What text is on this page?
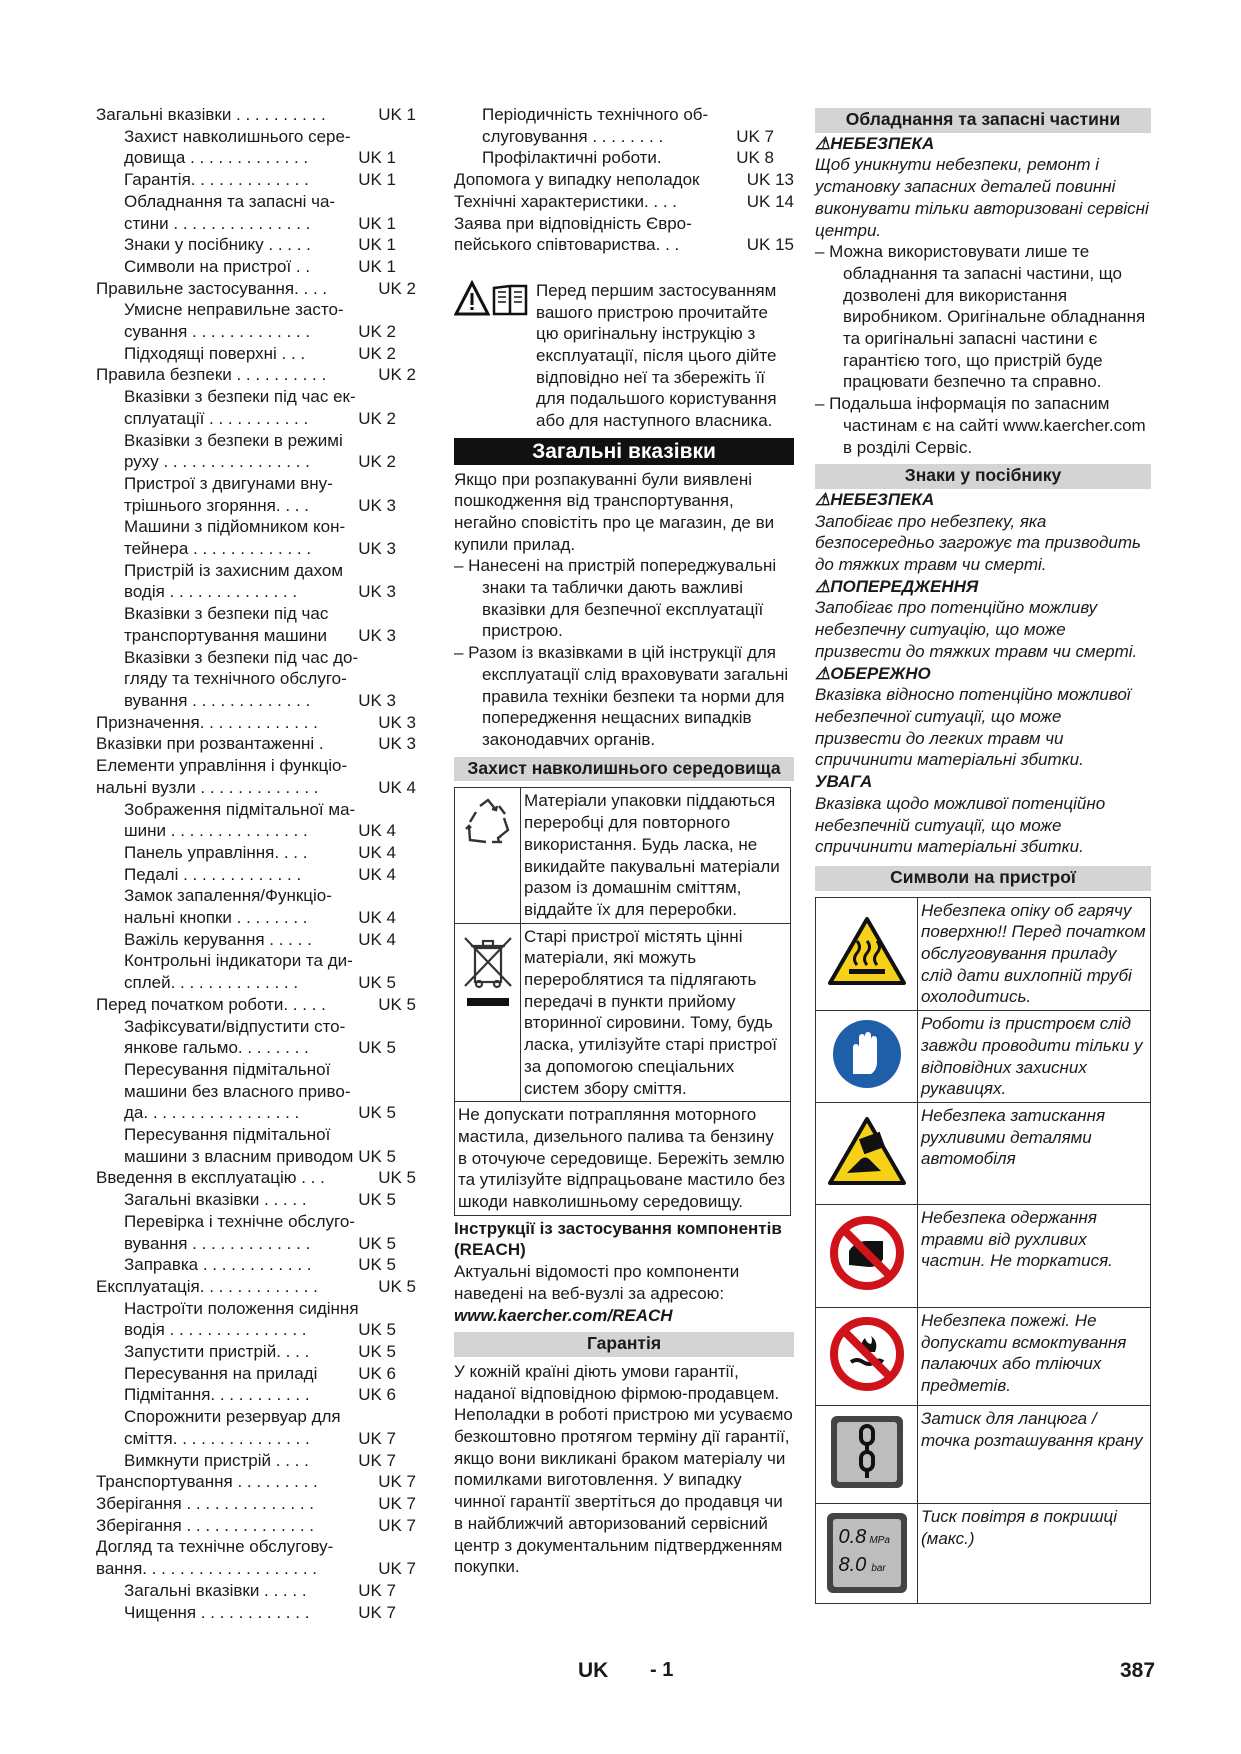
Загальні вказівки . . . . . . . . . .	UK 1
Захист навколишнього сере-
довища . . . . . . . . . . . . .	UK 1
Гарантія. . . . . . . . . . . . .	UK 1
Обладнання та запасні ча-
стини . . . . . . . . . . . . . . .	UK 1
Знаки у посібнику . . . . .	UK 1
Символи на пристрої . .	UK 1
Правильне застосування. . . .	UK 2
Умисне неправильне засто-
сування . . . . . . . . . . . . .	UK 2
Підходящі поверхні . . .	UK 2
Правила безпеки . . . . . . . . . .	UK 2
Вказівки з безпеки під час ек-
сплуатації . . . . . . . . . . .	UK 2
Вказівки з безпеки в режимі
руху . . . . . . . . . . . . . . . .	UK 2
Пристрої з двигунами вну-
трішнього згоряння. . . .	UK 3
Машини з підйомником кон-
тейнера . . . . . . . . . . . . .	UK 3
Пристрій із захисним дахом
водія . . . . . . . . . . . . . .	UK 3
Вказівки з безпеки під час
транспортування машини	UK 3
Вказівки з безпеки під час до-
гляду та технічного обслуго-
вування . . . . . . . . . . . . .	UK 3
Призначення. . . . . . . . . . . . .	UK 3
Вказівки при розвантаженні .	UK 3
Елементи управління і функціо-
нальні вузли . . . . . . . . . . . . .	UK 4
Зображення підмітальної ма-
шини . . . . . . . . . . . . . . .	UK 4
Панель управління. . . .	UK 4
Педалі . . . . . . . . . . . . .	UK 4
Замок запалення/Функціо-
нальні кнопки . . . . . . . .	UK 4
Важіль керування . . . . .	UK 4
Контрольні індикатори та ди-
сплей. . . . . . . . . . . . . .	UK 5
Перед початком роботи. . . . .	UK 5
Зафіксувати/відпустити сто-
янкове гальмо. . . . . . . .	UK 5
Пересування підмітальної
машини без власного приво-
да. . . . . . . . . . . . . . . . .	UK 5
Пересування підмітальної
машини з власним приводом UK 5
Введення в експлуатацію . . .	UK 5
Загальні вказівки . . . . .	UK 5
Перевірка і технічне обслуго-
вування . . . . . . . . . . . . .	UK 5
Заправка . . . . . . . . . . . .	UK 5
Експлуатація. . . . . . . . . . . . .	UK 5
Настроїти положення сидіння
водія . . . . . . . . . . . . . . .	UK 5
Запустити пристрій. . . .	UK 5
Пересування на приладі	UK 6
Підмітання. . . . . . . . . . .	UK 6
Спорожнити резервуар для
сміття. . . . . . . . . . . . . . .	UK 7
Вимкнути пристрій . . . .	UK 7
Транспортування . . . . . . . . .	UK 7
Зберігання . . . . . . . . . . . . . .	UK 7
Зберігання . . . . . . . . . . . . . .	UK 7
Догляд та технічне обслугову-
вання. . . . . . . . . . . . . . . . . . .	UK 7
Загальні вказівки . . . . .	UK 7
Чищення . . . . . . . . . . . .	UK 7
Періодичність технічного об-
слуговування . . . . . . . .	UK 7
Профілактичні роботи.	UK 8
Допомога у випадку неполадок	UK 13
Технічні характеристики. . . .	UK 14
Заява при відповідність Євро-
пейського співтовариства. . .	UK 15

Перед першим застосуванням вашого пристрою прочитайте цю оригінальну інструкцію з експлуатації, після цього дійте відповідно неї та збережіть її для подальшого користування або для наступного власника.

Загальні вказівки

Якщо при розпакуванні були виявлені пошкодження від транспортування, негайно сповістіть про це магазин, де ви купили прилад.

– Нанесені на пристрій попереджувальні знаки та таблички дають важливі вказівки для безпечної експлуатації пристрою.

– Разом із вказівками в цій інструкції для експлуатації слід враховувати загальні правила техніки безпеки та норми для попередження нещасних випадків законодавчих органів.

Захист навколишнього середовища
	Матеріали упаковки піддаються переробці для повторного використання. Будь ласка, не викидайте пакувальні матеріали разом із домашнім сміттям, віддайте їх для переробки.
	Старі пристрої містять цінні матеріали, які можуть перероблятися та підлягають передачі в пункти прийому вторинної сировини. Тому, будь ласка, утилізуйте старі пристрої за допомогою спеціальних систем збору сміття.
Не допускати потрапляння моторного мастила, дизельного палива та бензину в оточуюче середовище. Бережіть землю та утилізуйте відпрацьоване мастило без шкоди навколишньому середовищу.	

Інструкції із застосування компонентів (REACH)

Актуальні відомості про компоненти наведені на веб-вузлі за адресою:

www.kaercher.com/REACH

Гарантія

У кожній країні діють умови гарантії, наданої відповідною фірмою-продавцем. Неполадки в роботі пристрою ми усуваємо безкоштовно протягом терміну дії гарантії, якщо вони викликані браком матеріалу чи помилками виготовлення. У випадку чинної гарантії звертіться до продавця чи в найближчий авторизований сервісний центр з документальним підтвердженням покупки.

Обладнання та запасні частини

⚠НЕБЕЗПЕКА

Щоб уникнути небезпеки, ремонт і установку запасних деталей повинні виконувати тільки авторизовані сервісні центри.

– Можна використовувати лише те обладнання та запасні частини, що дозволені для використання виробником. Оригінальне обладнання та оригінальні запасні частини є гарантією того, що пристрій буде працювати безпечно та справно.

– Подальша інформація по запасним частинам є на сайті www.kaercher.com в розділі Сервіс.

Знаки у посібнику

⚠НЕБЕЗПЕКА

Запобігає про небезпеку, яка безпосередньо загрожує та призводить до тяжких травм чи смерті.

⚠ПОПЕРЕДЖЕННЯ

Запобігає про потенційно можливу небезпечну ситуацію, що може призвести до тяжких травм чи смерті.

⚠ОБЕРЕЖНО

Вказівка відносно потенційно можливої небезпечної ситуації, що може призвести до легких травм чи спричинити матеріальні збитки.

УВАГА

Вказівка щодо можливої потенційно небезпечній ситуації, що може спричинити матеріальні збитки.

Символи на пристрої
	Небезпека опіку об гарячу поверхню!! Перед початком обслуговування приладу слід дати вихлопній трубі охолодитись.
	Роботи із пристроєм слід завжди проводити тільки у відповідних захисних рукавицях.
	Небезпека затискання рухливими деталями автомобіля
	Небезпека одержання травми від рухливих частин. Не торкатися.
	Небезпека пожежі. Не допускати всмоктування палаючих або тліючих предметів.
	Затиск для ланцюга / точка розташування крану

0.8 MPa
8.0 bar	Тиск повітря в покришці (макс.)
UK - 1	387
